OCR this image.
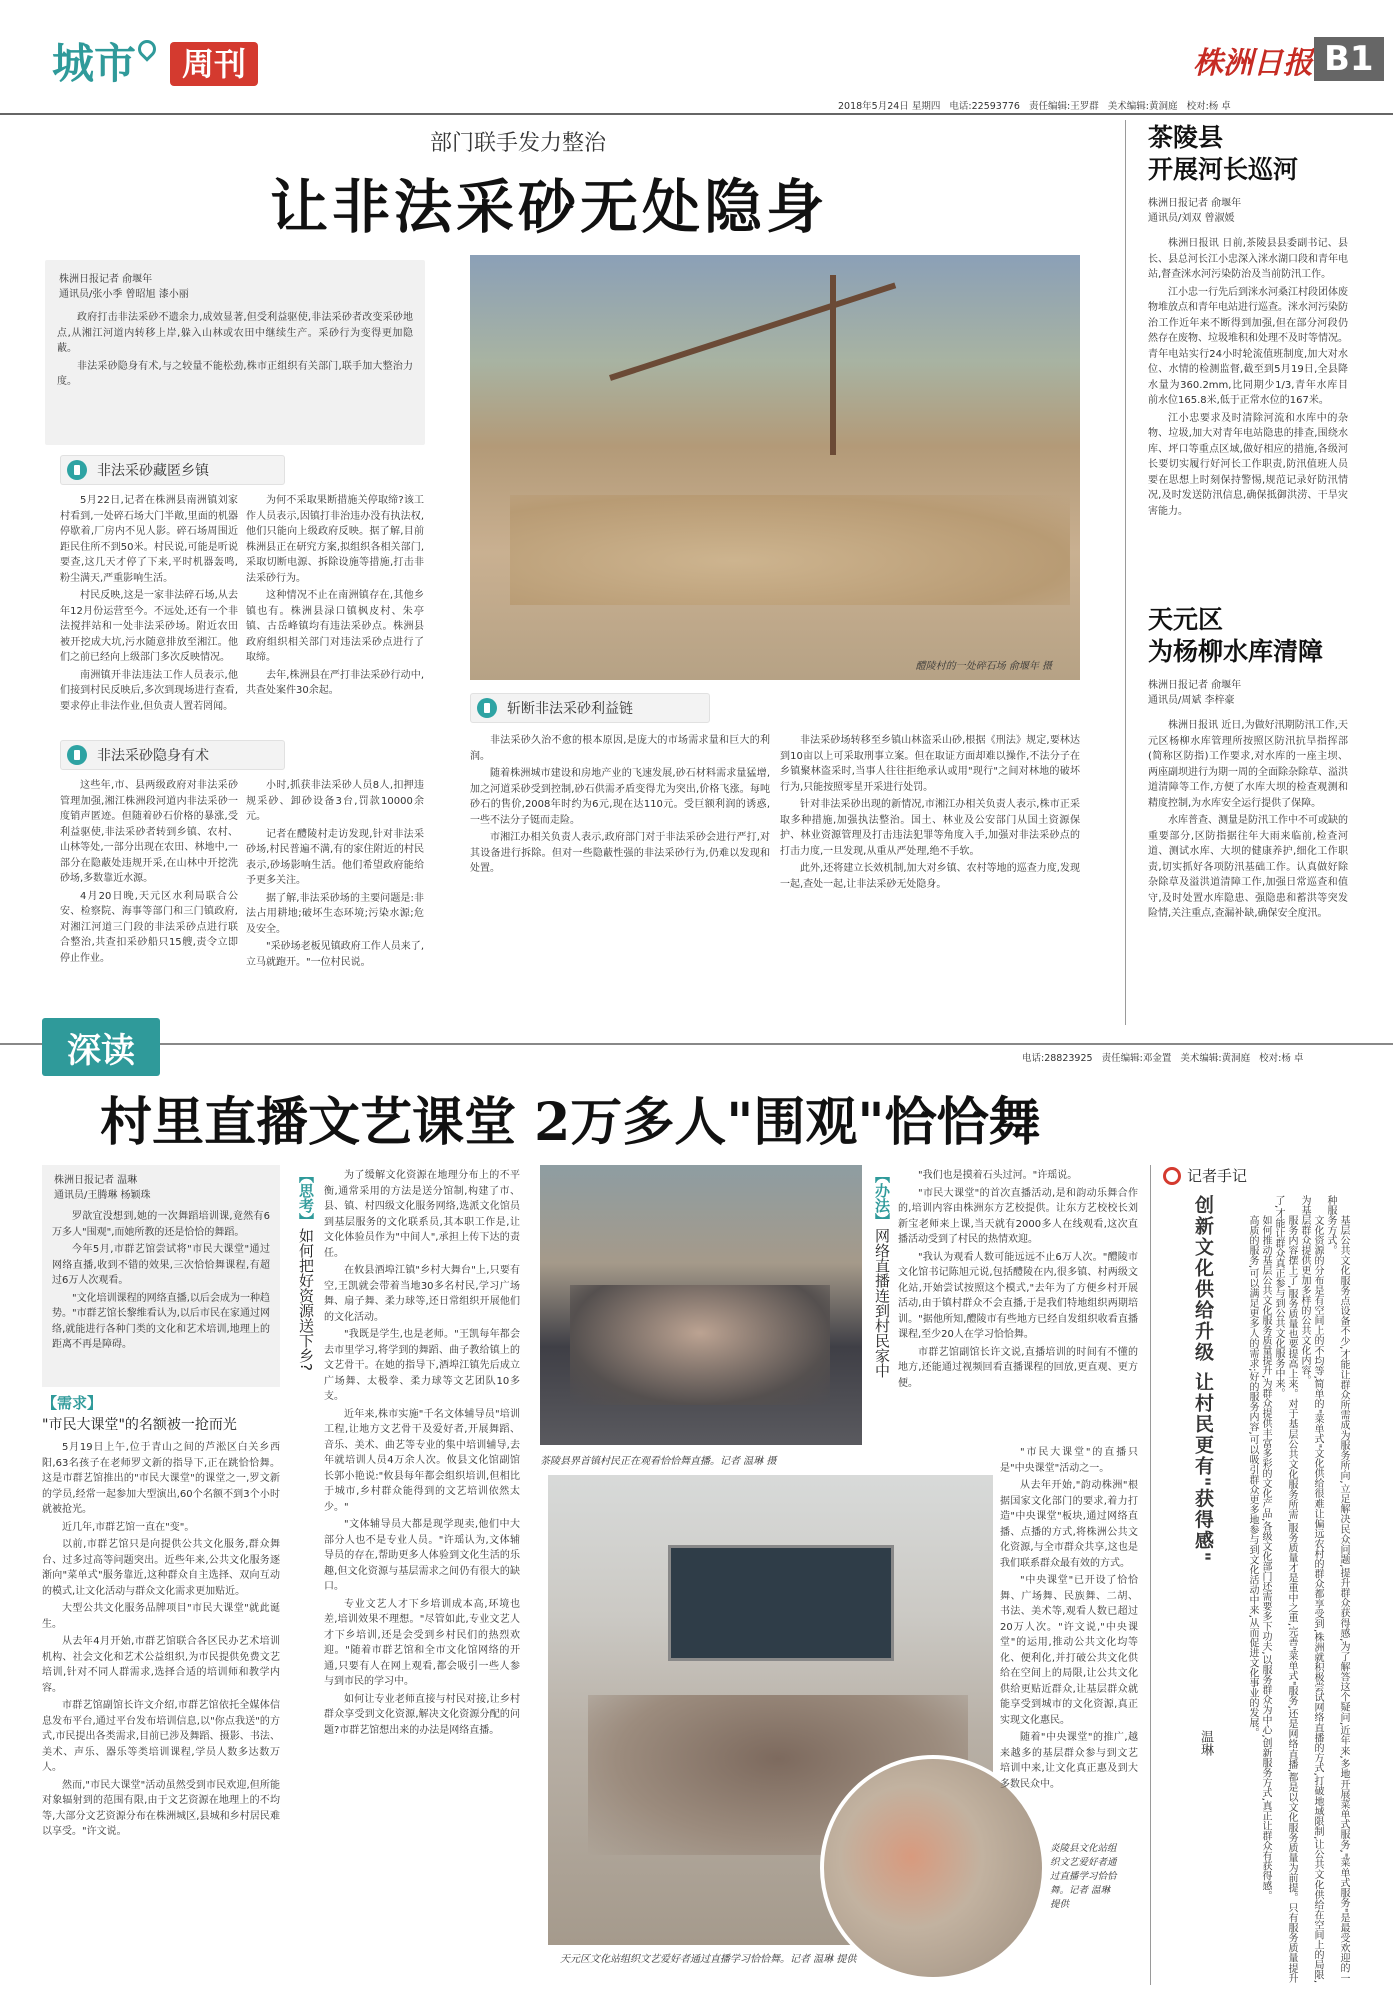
城市	周刊	株洲日报 B1
2018年5月24日 星期四 电话:22593776 责任编辑:王罗群 美术编辑:黄洞庭 校对:杨 卓
部门联手发力整治
让非法采砂无处隐身
株洲日报记者 俞堰年
通讯员/张小季 曾昭旭 漆小丽

政府打击非法采砂不遗余力,成效显著,但受利益驱使,非法采砂者改变采砂地点,从湘江河道内转移上岸,躲入山林或农田中继续生产。采砂行为变得更加隐蔽。

非法采砂隐身有术,与之较量不能松劲,株市正组织有关部门,联手加大整治力度。

醴陵村的一处碎石场 俞堰年 摄
非法采砂藏匿乡镇

5月22日,记者在株洲县南洲镇刘家村看到,一处碎石场大门半敞,里面的机器停歇着,厂房内不见人影。碎石场周围近距民住所不到50米。村民说,可能是听说要查,这几天才停了下来,平时机器轰鸣,粉尘满天,严重影响生活。

村民反映,这是一家非法碎石场,从去年12月份运营至今。不远处,还有一个非法搅拌站和一处非法采砂场。附近农田被开挖成大坑,污水随意排放至湘江。他们之前已经向上级部门多次反映情况。

南洲镇开非法违法工作人员表示,他们接到村民反映后,多次到现场进行查看,要求停止非法作业,但负责人置若罔闻。

为何不采取果断措施关停取缔?该工作人员表示,因镇打非治违办没有执法权,他们只能向上级政府反映。据了解,目前株洲县正在研究方案,拟组织各相关部门,采取切断电源、拆除设施等措施,打击非法采砂行为。

这种情况不止在南洲镇存在,其他乡镇也有。株洲县渌口镇枫皮村、朱亭镇、古岳峰镇均有违法采砂点。株洲县政府组织相关部门对违法采砂点进行了取缔。

去年,株洲县在严打非法采砂行动中,共查处案件30余起。

非法采砂隐身有术

这些年,市、县两级政府对非法采砂管理加强,湘江株洲段河道内非法采砂一度销声匿迹。但随着砂石价格的暴涨,受利益驱使,非法采砂者转到乡镇、农村、山林等处,一部分出现在农田、林地中,一部分在隐蔽处违规开采,在山林中开挖洗砂场,多数靠近水源。

4月20日晚,天元区水利局联合公安、检察院、海事等部门和三门镇政府,对湘江河道三门段的非法采砂点进行联合整治,共查扣采砂船只15艘,责令立即停止作业。

小时,抓获非法采砂人员8人,扣押违规采砂、卸砂设备3台,罚款10000余元。

记者在醴陵村走访发现,针对非法采砂场,村民普遍不满,有的家住附近的村民表示,砂场影响生活。他们希望政府能给予更多关注。

据了解,非法采砂场的主要问题是:非法占用耕地;破坏生态环境;污染水源;危及安全。

"采砂场老板见镇政府工作人员来了,立马就跑开。"一位村民说。

斩断非法采砂利益链

非法采砂久治不愈的根本原因,是庞大的市场需求量和巨大的利润。

随着株洲城市建设和房地产业的飞速发展,砂石材料需求量猛增,加之河道采砂受到控制,砂石供需矛盾变得尤为突出,价格飞涨。每吨砂石的售价,2008年时约为6元,现在达110元。受巨额利润的诱惑,一些不法分子铤而走险。

市湘江办相关负责人表示,政府部门对于非法采砂会进行严打,对其设备进行拆除。但对一些隐蔽性强的非法采砂行为,仍难以发现和处置。

非法采砂场转移至乡镇山林盗采山砂,根据《刑法》规定,要林达到10亩以上可采取刑事立案。但在取证方面却难以操作,不法分子在乡镇聚林盗采时,当事人往往拒绝承认或用"现行"之间对林地的破坏行为,只能按照零星开采进行处罚。

针对非法采砂出现的新情况,市湘江办相关负责人表示,株市正采取多种措施,加强执法整治。国土、林业及公安部门从国土资源保护、林业资源管理及打击违法犯罪等角度入手,加强对非法采砂点的打击力度,一旦发现,从重从严处理,绝不手软。

此外,还将建立长效机制,加大对乡镇、农村等地的巡查力度,发现一起,查处一起,让非法采砂无处隐身。

茶陵县
开展河长巡河
株洲日报记者 俞堰年
通讯员/刘双 曾淑媛

株洲日报讯 日前,茶陵县县委副书记、县长、县总河长江小忠深入洣水湖口段和青年电站,督查洣水河污染防治及当前防汛工作。

江小忠一行先后到洣水河桑江村段团体废物堆放点和青年电站进行巡查。洣水河污染防治工作近年来不断得到加强,但在部分河段仍然存在废物、垃圾堆积和处理不及时等情况。青年电站实行24小时轮流值班制度,加大对水位、水情的检测监督,截至到5月19日,全县降水量为360.2mm,比同期少1/3,青年水库目前水位165.8米,低于正常水位的167米。

江小忠要求及时清除河流和水库中的杂物、垃圾,加大对青年电站隐患的排查,围绕水库、坪口等重点区域,做好相应的措施,各级河长要切实履行好河长工作职责,防汛值班人员要在思想上时刻保持警惕,规范记录好防汛情况,及时发送防汛信息,确保抵御洪涝、干旱灾害能力。

天元区
为杨柳水库清障
株洲日报记者 俞堰年
通讯员/周斌 李梓豪

株洲日报讯 近日,为做好汛期防汛工作,天元区杨柳水库管理所按照区防汛抗旱指挥部(简称区防指)工作要求,对水库的一座主坝、两座副坝进行为期一周的全面除杂除草、溢洪道清障等工作,方便了水库大坝的检查观测和精度控制,为水库安全运行提供了保障。

水库普查、测量是防汛工作中不可或缺的重要部分,区防指据往年大雨来临前,检查河道、测试水库、大坝的健康养护,细化工作职责,切实抓好各项防汛基础工作。认真做好除杂除草及溢洪道清障工作,加强日常巡查和值守,及时处置水库隐患、强隐患和蓄洪等突发险情,关注重点,查漏补缺,确保安全度汛。

深读	电话:28823925 责任编辑:邓金置 美术编辑:黄洞庭 校对:杨 卓
村里直播文艺课堂 2万多人"围观"恰恰舞
株洲日报记者 温琳
通讯员/王腾琳 杨颖珠

罗歆宜没想到,她的一次舞蹈培训课,竟然有6万多人"围观",而她所教的还是恰恰的舞蹈。

今年5月,市群艺馆尝试将"市民大课堂"通过网络直播,收到不错的效果,三次恰恰舞课程,有超过6万人次观看。

"文化培训课程的网络直播,以后会成为一种趋势。"市群艺馆长黎维看认为,以后市民在家通过网络,就能进行各种门类的文化和艺术培训,地理上的距离不再是障碍。

【需求】
"市民大课堂"的名额被一抢而光

5月19日上午,位于青山之间的芦淞区白关乡西阳,63名孩子在老师罗文新的指导下,正在跳恰恰舞。这是市群艺馆推出的"市民大课堂"的课堂之一,罗文新的学员,经常一起参加大型演出,60个名额不到3个小时就被抢光。

近几年,市群艺馆一直在"变"。

以前,市群艺馆只是向提供公共文化服务,群众舞台、过多过高等问题突出。近些年来,公共文化服务逐渐向"菜单式"服务靠近,这种群众自主选择、双向互动的模式,让文化活动与群众文化需求更加贴近。

大型公共文化服务品牌项目"市民大课堂"就此诞生。

从去年4月开始,市群艺馆联合各区民办艺术培训机构、社会文化和艺术公益组织,为市民提供免费文艺培训,针对不同人群需求,选择合适的培训师和教学内容。

市群艺馆副馆长许文介绍,市群艺馆依托全媒体信息发布平台,通过平台发布培训信息,以"你点我送"的方式,市民提出各类需求,目前已涉及舞蹈、摄影、书法、美术、声乐、器乐等类培训课程,学员人数多达数万人。

然而,"市民大课堂"活动虽然受到市民欢迎,但所能对象辐射到的范围有限,由于文艺资源在地理上的不均等,大部分文艺资源分布在株洲城区,县城和乡村居民难以享受。"许文说。

【思考】如何把好资源送下乡?

为了缓解文化资源在地理分布上的不平衡,通常采用的方法是送分馆制,构建了市、县、镇、村四级文化服务网络,选派文化馆员到基层服务的文化联系员,其本职工作是,让文化体验员作为"中间人",承担上传下达的责任。

在攸县酒埠江镇"乡村大舞台"上,只要有空,王凯就会带着当地30多名村民,学习广场舞、扇子舞、柔力球等,还日常组织开展他们的文化活动。

"我既是学生,也是老师。"王凯每年都会去市里学习,将学到的舞蹈、曲子教给镇上的文艺骨干。在她的指导下,酒埠江镇先后成立广场舞、太极拳、柔力球等文艺团队10多支。

近年来,株市实施"千名文体辅导员"培训工程,让地方文艺骨干及爱好者,开展舞蹈、音乐、美术、曲艺等专业的集中培训辅导,去年就培训人员4万余人次。攸县文化馆副馆长郭小艳说:"攸县每年都会组织培训,但相比于城市,乡村群众能得到的文艺培训依然太少。"

"文体辅导员大都是现学现卖,他们中大部分人也不是专业人员。"许瑶认为,文体辅导员的存在,帮助更多人体验到文化生活的乐趣,但文化资源与基层需求之间仍有很大的缺口。

专业文艺人才下乡培训成本高,环境也差,培训效果不理想。"尽管如此,专业文艺人才下乡培训,还是会受到乡村民们的热烈欢迎。"随着市群艺馆和全市文化馆网络的开通,只要有人在网上观看,都会吸引一些人参与到市民的学习中。

如何让专业老师直接与村民对接,让乡村群众享受到文化资源,解决文化资源分配的问题?市群艺馆想出来的办法是网络直播。

茶陵县界首镇村民正在观看恰恰舞直播。记者 温琳 摄
天元区文化站组织文艺爱好者通过直播学习恰恰舞。记者 温琳 提供
炎陵县文化站组织文艺爱好者通过直播学习恰恰舞。记者 温琳 提供
【办法】网络直播连到村民家中

"我们也是摸着石头过河。"许瑶说。

"市民大课堂"的首次直播活动,是和韵动乐舞合作的,培训内容由株洲东方艺校提供。让东方艺校校长刘新宝老师来上课,当天就有2000多人在线观看,这次直播活动受到了村民的热情欢迎。

"我认为观看人数可能远远不止6万人次。"醴陵市文化馆书记陈旭元说,包括醴陵在内,很多镇、村两级文化站,开始尝试按照这个模式,"去年为了方便乡村开展活动,由于镇村群众不会直播,于是我们特地组织两期培训。"据他所知,醴陵市有些地方已经自发组织收看直播课程,至少20人在学习恰恰舞。

市群艺馆副馆长许文说,直播培训的时间有不懂的地方,还能通过视频回看直播课程的回放,更直观、更方便。

"市民大课堂"的直播只是"中央课堂"活动之一。

从去年开始,"韵动株洲"根据国家文化部门的要求,着力打造"中央课堂"板块,通过网络直播、点播的方式,将株洲公共文化资源,与全市群众共享,这也是我们联系群众最有效的方式。

"中央课堂"已开设了恰恰舞、广场舞、民族舞、二胡、书法、美术等,观看人数已超过20万人次。"许文说,"中央课堂"的运用,推动公共文化均等化、便利化,并打破公共文化供给在空间上的局限,让公共文化供给更贴近群众,让基层群众就能享受到城市的文化资源,真正实现文化惠民。

随着"中央课堂"的推广,越来越多的基层群众参与到文艺培训中来,让文化真正惠及到大多数民众中。

记者手记
创新文化供给升级 让村民更有"获得感"
温琳	基层公共文化服务点设备不少,才能让群众所需成为服务所向,立足解决民众问题,提升群众获得感,为了解答这个疑问,近年来,多地开展菜单式服务,"菜单式服务"是最受欢迎的一种服务方式。

文化资源的分布是有空间上的不均等,简单的"菜单式"文化供给很难让偏远农村的群众都享受到,株洲就积极尝试网络直播的方式,打破地域限制,让公共文化供给在空间上的局限,为基层群众提供更加多样的公共文化内容。

服务内容摆上了,服务质量也要提高上来。对于基层公共文化服务所需,服务质量才是重中之重,完善"菜单式"服务,还是网络直播,都是以文化服务质量为前提。只有服务质量提升了,才能让群众真正参与到公共文化服务中来。

如何推动基层公共文化服务质量提升,为群众提供丰富多彩的文化产品,各级文化部门还需要多下功夫,以服务群众为中心,创新服务方式,真正让群众有获得感。

高质的服务,可以满足更多人的需求;好的服务内容,可以吸引群众更多地参与到文化活动中来,从而促进文化事业的发展。
